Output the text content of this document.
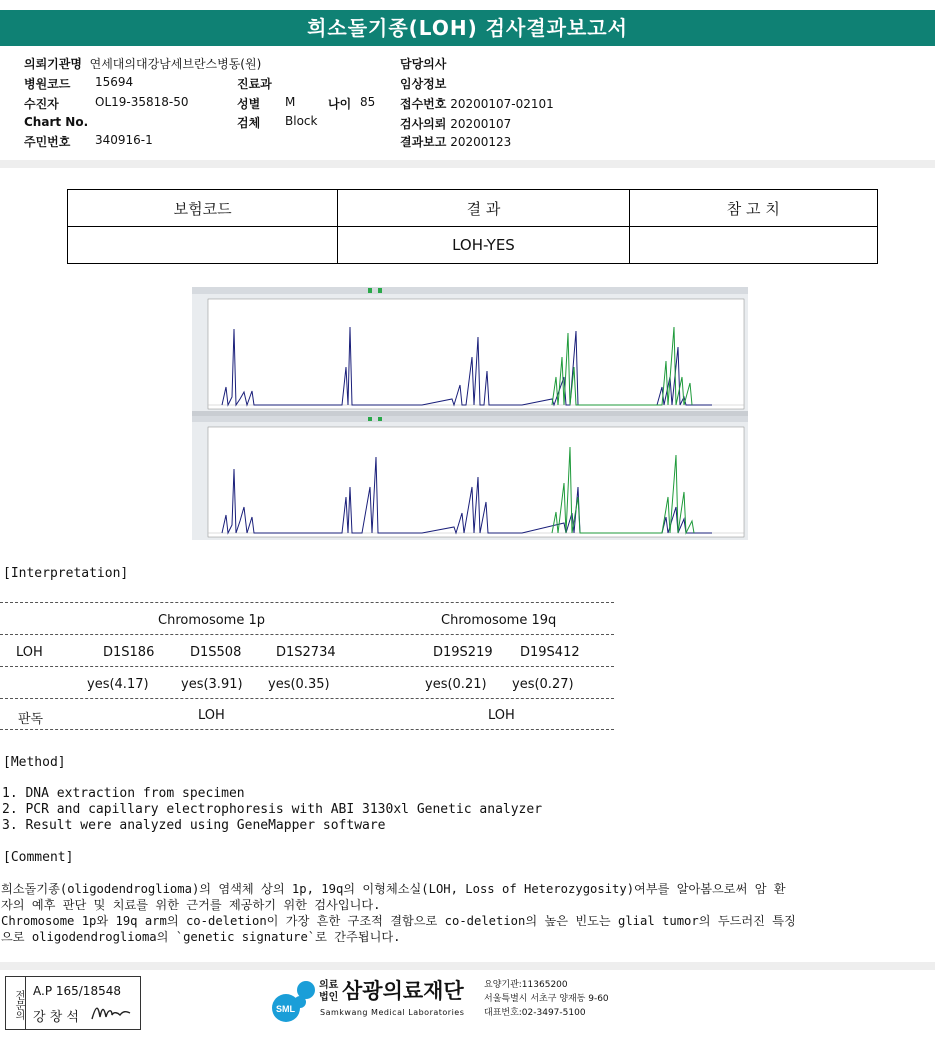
희소돌기종(LOH) 검사결과보고서
의뢰기관명 연세대의대강남세브란스병동(원)
병원코드 15694
수진자	OL19-35818-50
Chart No.
주민번호 340916-1
진료과
성별 M	나이 85
검체 Block
담당의사
임상정보
접수번호 20200107-02101
검사의뢰 20200107
결과보고 20200123
보험코드	결 과	참 고 치
	LOH-YES	
[Interpretation]
Chromosome 1p	Chromosome 19q
LOH	D1S186	D1S508	D1S2734	D19S219 D19S412
yes(4.17) yes(3.91) yes(0.35)	yes(0.21) yes(0.27)
판독	LOH	LOH
[Method]
1. DNA extraction from specimen
2. PCR and capillary electrophoresis with ABI 3130xl Genetic analyzer
3. Result were analyzed using GeneMapper software
[Comment]
희소돌기종(oligodendroglioma)의 염색체 상의 1p, 19q의 이형체소실(LOH, Loss of Heterozygosity)여부를 알아봄으로써 암 환
자의 예후 판단 및 치료를 위한 근거를 제공하기 위한 검사입니다.
Chromosome 1p와 19q arm의 co-deletion이 가장 흔한 구조적 결함으로 co-deletion의 높은 빈도는 glial tumor의 두드러진 특징
으로 oligodendroglioma의 `genetic signature`로 간주됩니다.
전문의 A.P 165/18548
강 창 석
SML
의료법인 삼광의료재단
Samkwang Medical Laboratories
요양기관:11365200
서울특별시 서초구 양재동 9-60
대표번호:02-3497-5100
